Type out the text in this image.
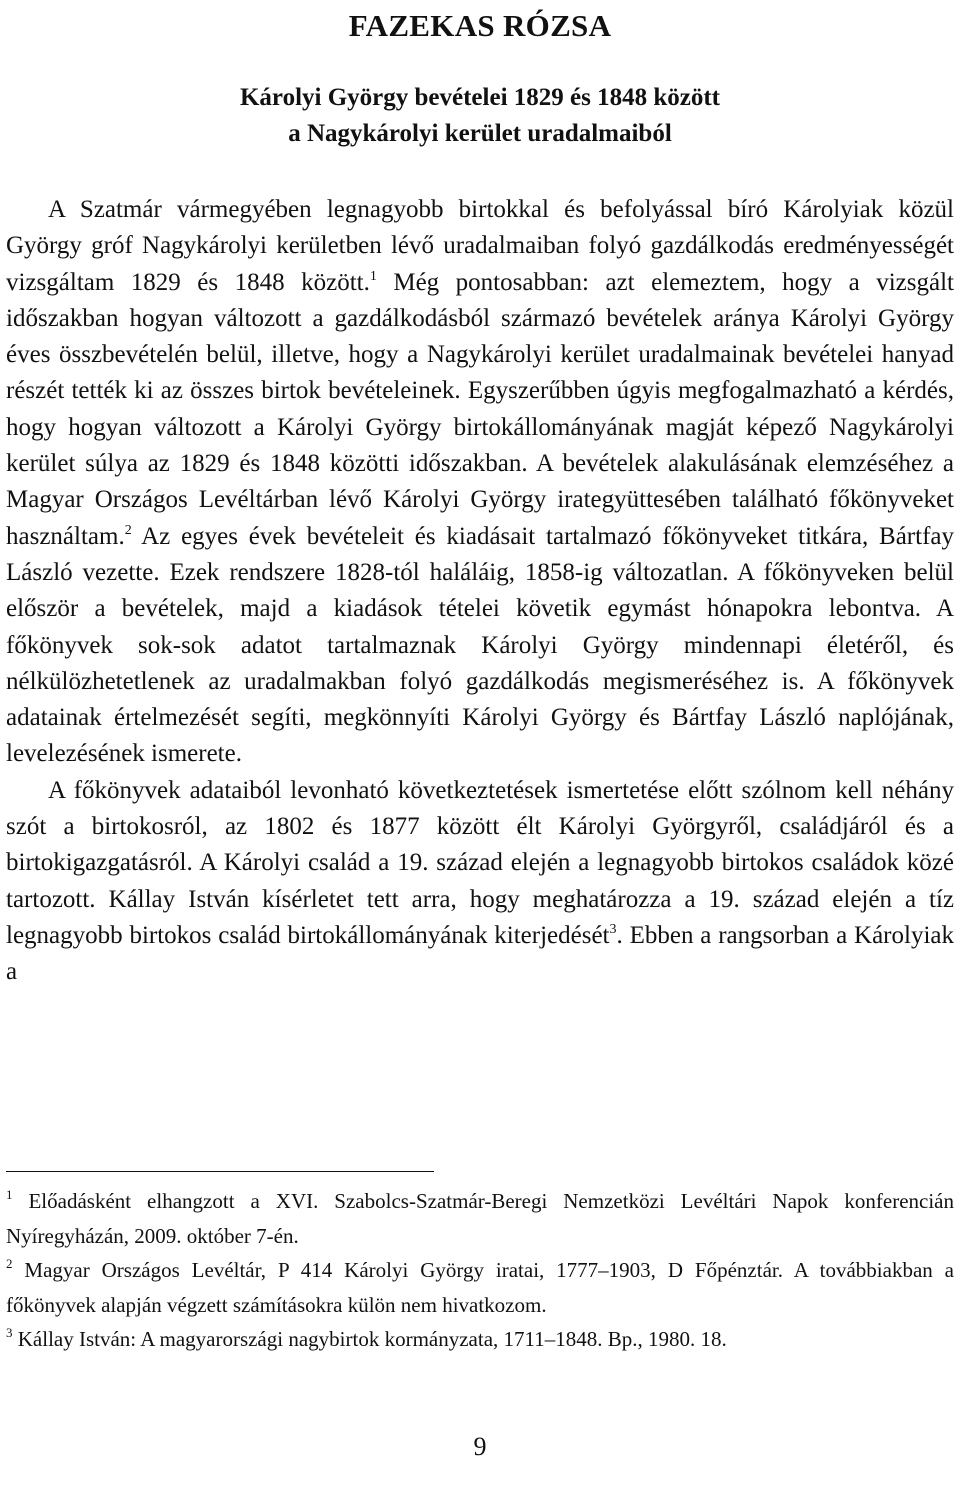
FAZEKAS RÓZSA
Károlyi György bevételei 1829 és 1848 között
a Nagykárolyi kerület uradalmaiból

A Szatmár vármegyében legnagyobb birtokkal és befolyással bíró Károlyiak közül György gróf Nagykárolyi kerületben lévő uradalmaiban folyó gazdálkodás eredményességét vizsgáltam 1829 és 1848 között.$^1$ Még pontosabban: azt elemeztem, hogy a vizsgált időszakban hogyan változott a gazdálkodásból származó bevételek aránya Károlyi György éves összbevételén belül, illetve, hogy a Nagykárolyi kerület uradalmainak bevételei hanyad részét tették ki az összes birtok bevételeinek. Egyszerűbben úgyis megfogalmazható a kérdés, hogy hogyan változott a Károlyi György birtokállományának magját képező Nagykárolyi kerület súlya az 1829 és 1848 közötti időszakban. A bevételek alakulásának elemzéséhez a Magyar Országos Levéltárban lévő Károlyi György irategyüttesében található főkönyveket használtam.$^2$ Az egyes évek bevételeit és kiadásait tartalmazó főkönyveket titkára, Bártfay László vezette. Ezek rendszere 1828-tól haláláig, 1858-ig változatlan. A főkönyveken belül először a bevételek, majd a kiadások tételei követik egymást hónapokra lebontva. A főkönyvek sok-sok adatot tartalmaznak Károlyi György mindennapi életéről, és nélkülözhetetlenek az uradalmakban folyó gazdálkodás megismeréséhez is. A főkönyvek adatainak értelmezését segíti, megkönnyíti Károlyi György és Bártfay László naplójának, levelezésének ismerete.

A főkönyvek adataiból levonható következtetések ismertetése előtt szólnom kell néhány szót a birtokosról, az 1802 és 1877 között élt Károlyi Györgyről, családjáról és a birtokigazgatásról. A Károlyi család a 19. század elején a legnagyobb birtokos családok közé tartozott. Kállay István kísérletet tett arra, hogy meghatározza a 19. század elején a tíz legnagyobb birtokos család birtokállományának kiterjedését$^3$. Ebben a rangsorban a Károlyiak a

$^1$ Előadásként elhangzott a XVI. Szabolcs-Szatmár-Beregi Nemzetközi Levéltári Napok konferencián Nyíregyházán, 2009. október 7-én.

$^2$ Magyar Országos Levéltár, P 414 Károlyi György iratai, 1777–1903, D Főpénztár. A továbbiakban a főkönyvek alapján végzett számításokra külön nem hivatkozom.

$^3$ Kállay István: A magyarországi nagybirtok kormányzata, 1711–1848. Bp., 1980. 18.

9
